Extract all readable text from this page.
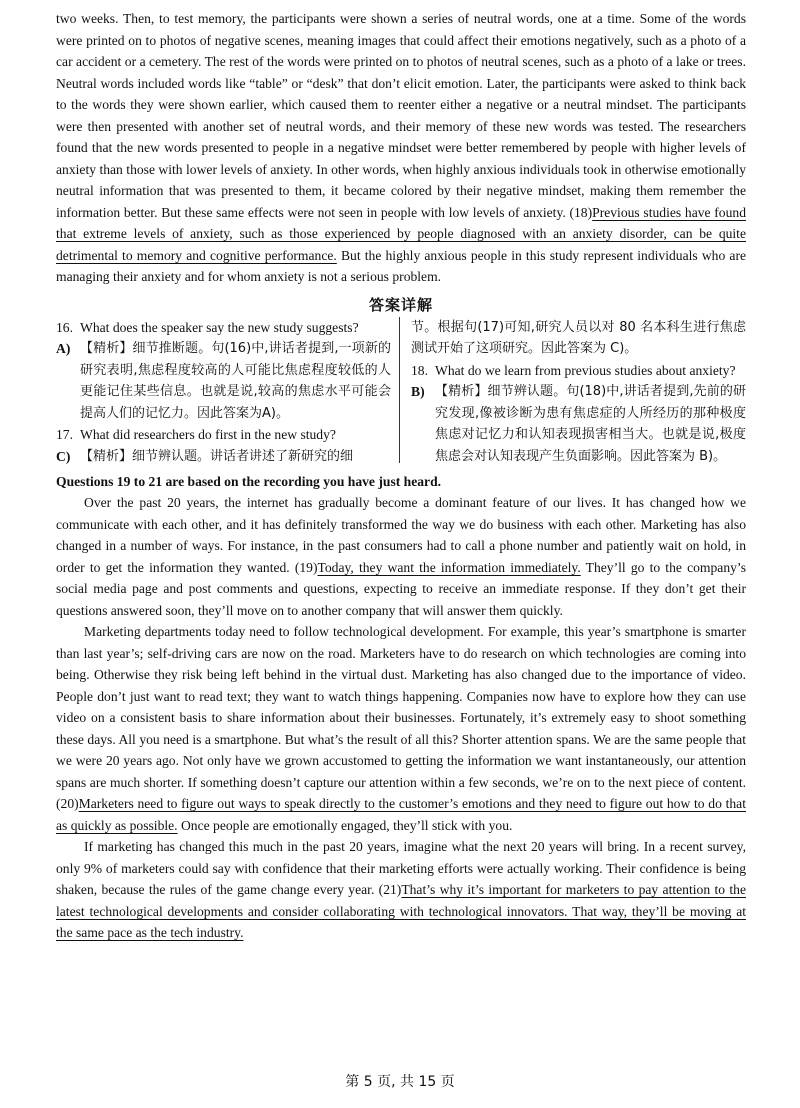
two weeks. Then, to test memory, the participants were shown a series of neutral words, one at a time. Some of the words were printed on to photos of negative scenes, meaning images that could affect their emotions negatively, such as a photo of a car accident or a cemetery. The rest of the words were printed on to photos of neutral scenes, such as a photo of a lake or trees. Neutral words included words like “table” or “desk” that don’t elicit emotion. Later, the participants were asked to think back to the words they were shown earlier, which caused them to reenter either a negative or a neutral mindset. The participants were then presented with another set of neutral words, and their memory of these new words was tested. The researchers found that the new words presented to people in a negative mindset were better remembered by people with higher levels of anxiety than those with lower levels of anxiety. In other words, when highly anxious individuals took in otherwise emotionally neutral information that was presented to them, it became colored by their negative mindset, making them remember the information better. But these same effects were not seen in people with low levels of anxiety. (18)Previous studies have found that extreme levels of anxiety, such as those experienced by people diagnosed with an anxiety disorder, can be quite detrimental to memory and cognitive performance. But the highly anxious people in this study represent individuals who are managing their anxiety and for whom anxiety is not a serious problem.

答案详解
16. What does the speaker say the new study suggests?
A) 【精析】细节推断题。句(16)中,讲话者提到,一项新的研究表明,焦虑程度较高的人可能比焦虑程度较低的人更能记住某些信息。也就是说,较高的焦虑水平可能会提高人们的记忆力。因此答案为A)。
17. What did researchers do first in the new study?
C) 【精析】细节辨认题。讲话者讲述了新研究的细
节。根据句(17)可知,研究人员以对 80 名本科生进行焦虑测试开始了这项研究。因此答案为 C)。
18. What do we learn from previous studies about anxiety?
B) 【精析】细节辨认题。句(18)中,讲话者提到,先前的研究发现,像被诊断为患有焦虑症的人所经历的那种极度焦虑对记忆力和认知表现损害相当大。也就是说,极度焦虑会对认知表现产生负面影响。因此答案为 B)。

Questions 19 to 21 are based on the recording you have just heard.

Over the past 20 years, the internet has gradually become a dominant feature of our lives. It has changed how we communicate with each other, and it has definitely transformed the way we do business with each other. Marketing has also changed in a number of ways. For instance, in the past consumers had to call a phone number and patiently wait on hold, in order to get the information they wanted. (19)Today, they want the information immediately. They’ll go to the company’s social media page and post comments and questions, expecting to receive an immediate response. If they don’t get their questions answered soon, they’ll move on to another company that will answer them quickly.

Marketing departments today need to follow technological development. For example, this year’s smartphone is smarter than last year’s; self-driving cars are now on the road. Marketers have to do research on which technologies are coming into being. Otherwise they risk being left behind in the virtual dust. Marketing has also changed due to the importance of video. People don’t just want to read text; they want to watch things happening. Companies now have to explore how they can use video on a consistent basis to share information about their businesses. Fortunately, it’s extremely easy to shoot something these days. All you need is a smartphone. But what’s the result of all this? Shorter attention spans. We are the same people that we were 20 years ago. Not only have we grown accustomed to getting the information we want instantaneously, our attention spans are much shorter. If something doesn’t capture our attention within a few seconds, we’re on to the next piece of content. (20)Marketers need to figure out ways to speak directly to the customer’s emotions and they need to figure out how to do that as quickly as possible. Once people are emotionally engaged, they’ll stick with you.

If marketing has changed this much in the past 20 years, imagine what the next 20 years will bring. In a recent survey, only 9% of marketers could say with confidence that their marketing efforts were actually working. Their confidence is being shaken, because the rules of the game change every year. (21)That’s why it’s important for marketers to pay attention to the latest technological developments and consider collaborating with technological innovators. That way, they’ll be moving at the same pace as the tech industry.

第 5 页, 共 15 页
